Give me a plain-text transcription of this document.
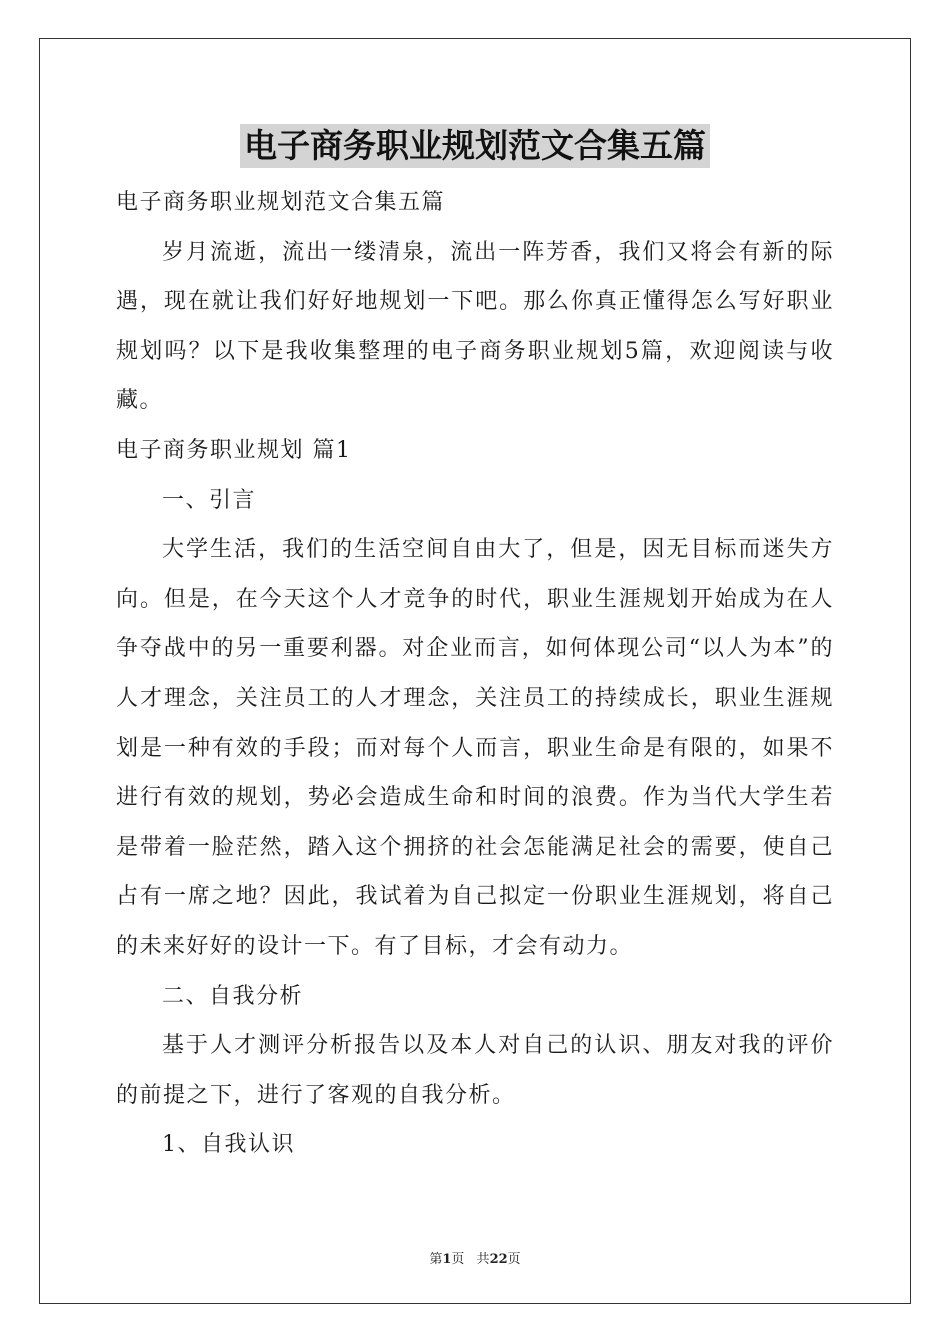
电子商务职业规划范文合集五篇
电子商务职业规划范文合集五篇

岁月流逝，流出一缕清泉，流出一阵芳香，我们又将会有新的际遇，现在就让我们好好地规划一下吧。那么你真正懂得怎么写好职业规划吗？以下是我收集整理的电子商务职业规划5篇，欢迎阅读与收藏。

电子商务职业规划 篇1
一、引言

大学生活，我们的生活空间自由大了，但是，因无目标而迷失方向。但是，在今天这个人才竞争的时代，职业生涯规划开始成为在人争夺战中的另一重要利器。对企业而言，如何体现公司“以人为本”的人才理念，关注员工的人才理念，关注员工的持续成长，职业生涯规划是一种有效的手段；而对每个人而言，职业生命是有限的，如果不进行有效的规划，势必会造成生命和时间的浪费。作为当代大学生若是带着一脸茫然，踏入这个拥挤的社会怎能满足社会的需要，使自己占有一席之地？因此，我试着为自己拟定一份职业生涯规划，将自己的未来好好的设计一下。有了目标，才会有动力。

二、自我分析

基于人才测评分析报告以及本人对自己的认识、朋友对我的评价的前提之下，进行了客观的自我分析。

1、自我认识
第1页 共22页
